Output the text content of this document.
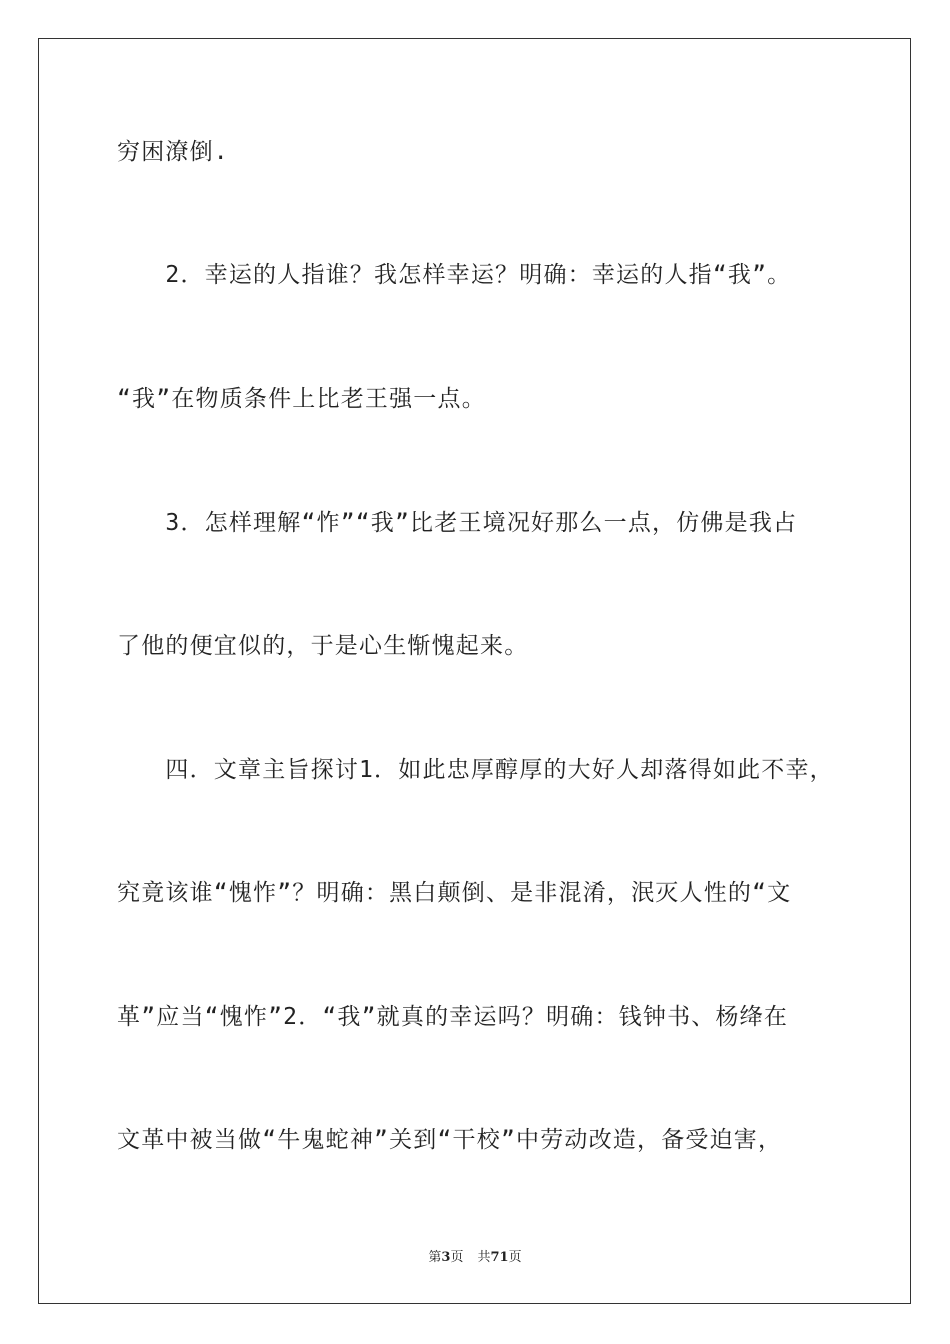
穷困潦倒.
　　2．幸运的人指谁？我怎样幸运？明确：幸运的人指“我”。
“我”在物质条件上比老王强一点。
　　3．怎样理解“怍”“我”比老王境况好那么一点，仿佛是我占
了他的便宜似的，于是心生惭愧起来。
　　四．文章主旨探讨1．如此忠厚醇厚的大好人却落得如此不幸，
究竟该谁“愧怍”？明确：黑白颠倒、是非混淆，泯灭人性的“文
革”应当“愧怍”2．“我”就真的幸运吗？明确：钱钟书、杨绛在
文革中被当做“牛鬼蛇神”关到“干校”中劳动改造，备受迫害，
第3页 共71页
